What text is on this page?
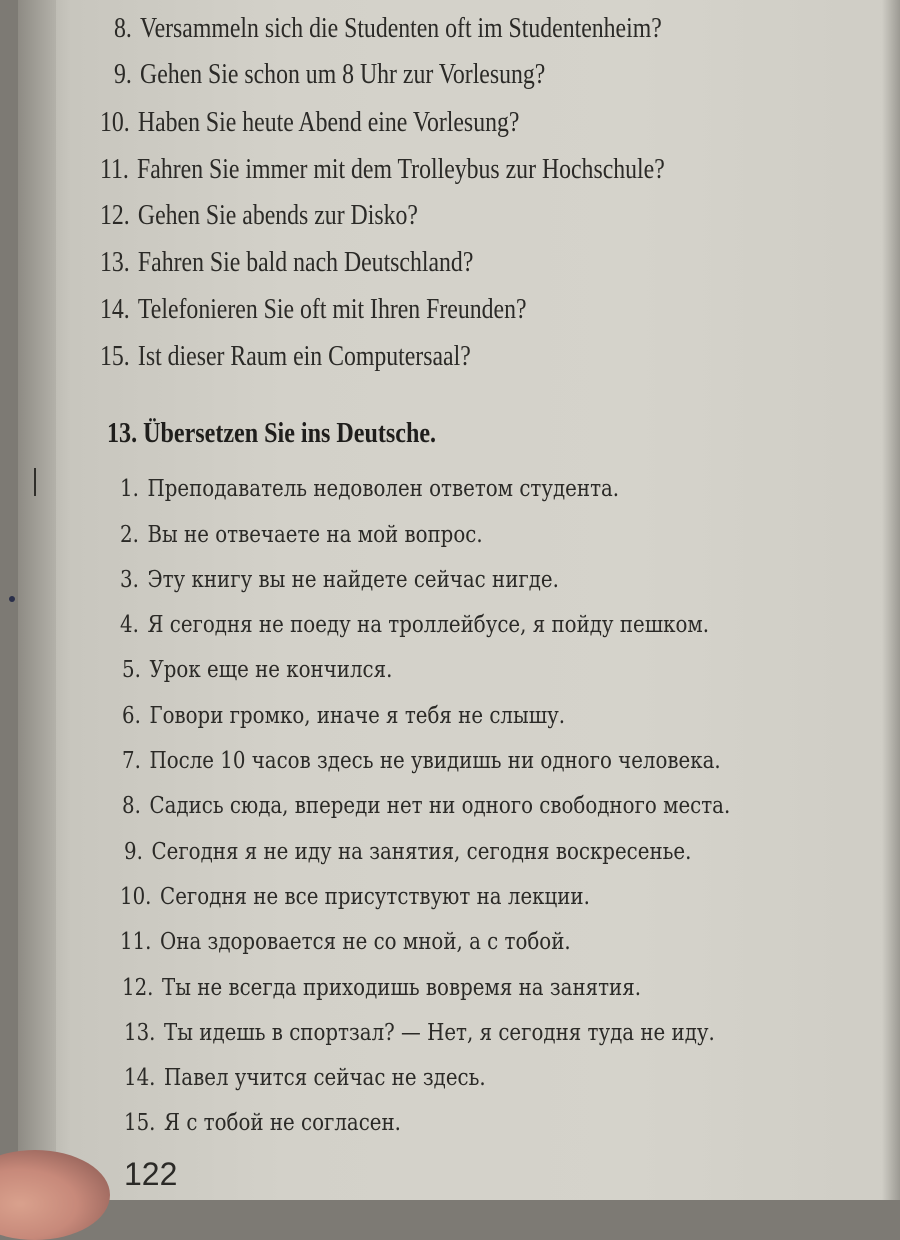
8. Versammeln sich die Studenten oft im Studentenheim?
9. Gehen Sie schon um 8 Uhr zur Vorlesung?
10. Haben Sie heute Abend eine Vorlesung?
11. Fahren Sie immer mit dem Trolleybus zur Hochschule?
12. Gehen Sie abends zur Disko?
13. Fahren Sie bald nach Deutschland?
14. Telefonieren Sie oft mit Ihren Freunden?
15. Ist dieser Raum ein Computersaal?
13. Übersetzen Sie ins Deutsche.
1. Преподаватель недоволен ответом студента.
2. Вы не отвечаете на мой вопрос.
3. Эту книгу вы не найдете сейчас нигде.
4. Я сегодня не поеду на троллейбусе, я пойду пешком.
5. Урок еще не кончился.
6. Говори громко, иначе я тебя не слышу.
7. После 10 часов здесь не увидишь ни одного человека.
8. Садись сюда, впереди нет ни одного свободного места.
9. Сегодня я не иду на занятия, сегодня воскресенье.
10. Сегодня не все присутствуют на лекции.
11. Она здоровается не со мной, а с тобой.
12. Ты не всегда приходишь вовремя на занятия.
13. Ты идешь в спортзал? — Нет, я сегодня туда не иду.
14. Павел учится сейчас не здесь.
15. Я с тобой не согласен.
122
